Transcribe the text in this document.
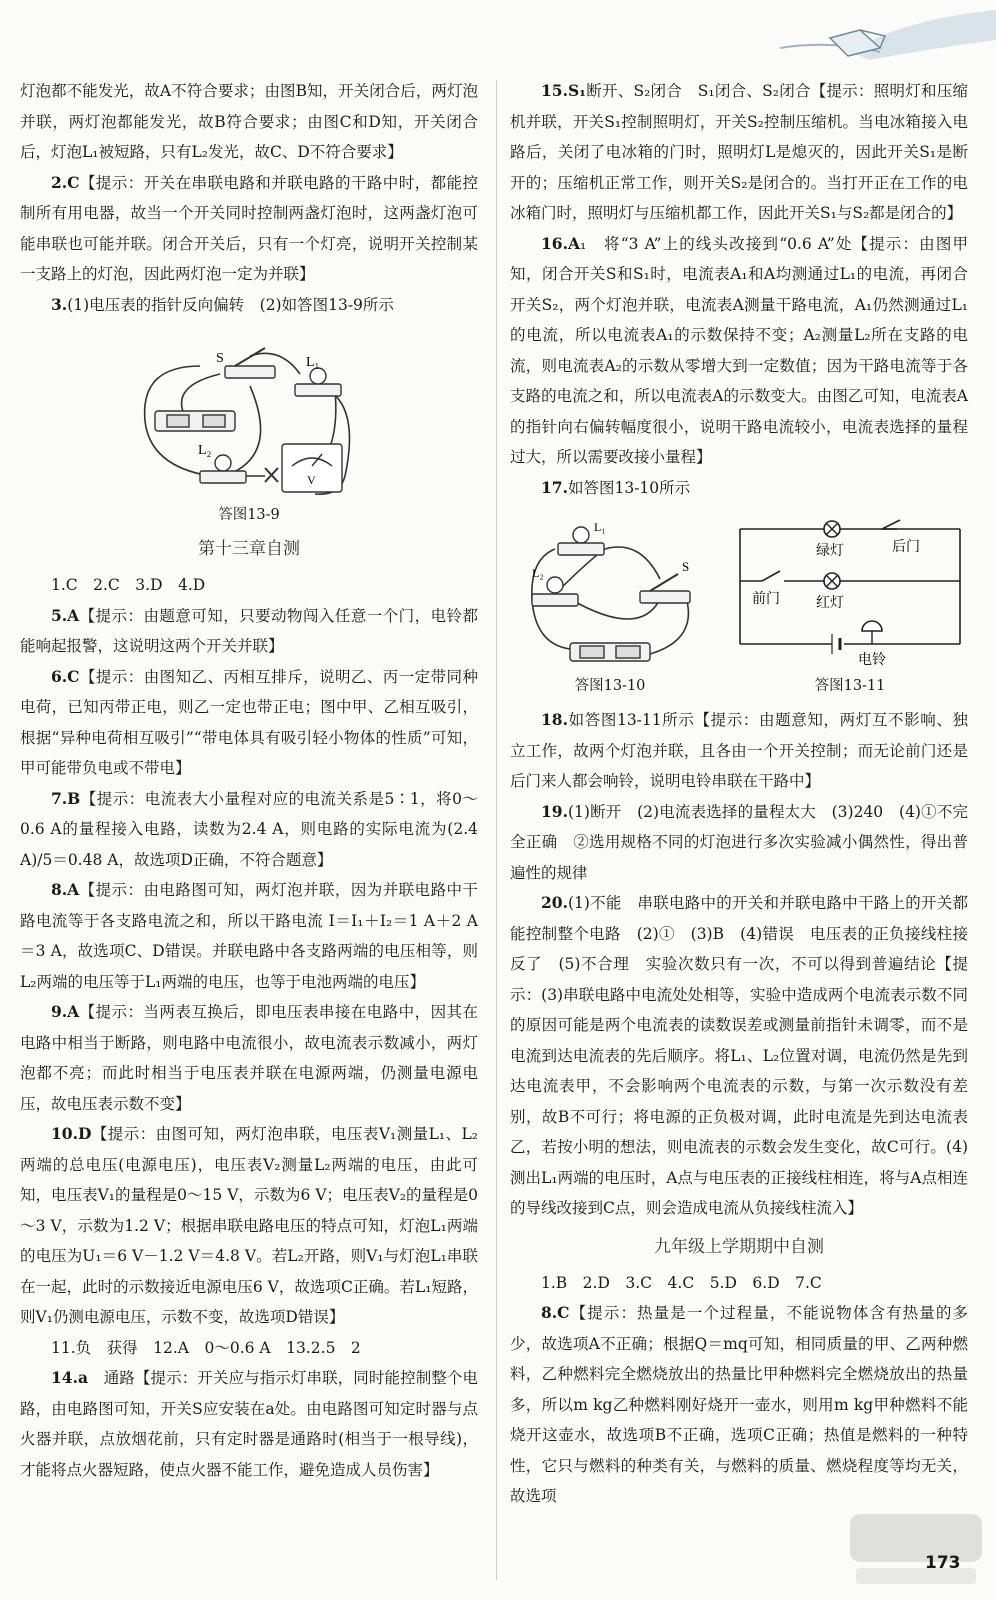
灯泡都不能发光，故A不符合要求；由图B知，开关闭合后，两灯泡并联，两灯泡都能发光，故B符合要求；由图C和D知，开关闭合后，灯泡L₁被短路，只有L₂发光，故C、D不符合要求】

2.C【提示：开关在串联电路和并联电路的干路中时，都能控制所有用电器，故当一个开关同时控制两盏灯泡时，这两盏灯泡可能串联也可能并联。闭合开关后，只有一个灯亮，说明开关控制某一支路上的灯泡，因此两灯泡一定为并联】

3.(1)电压表的指针反向偏转　(2)如答图13-9所示

S	L₁
L₂
V
答图13-9
第十三章自测

1.C　2.C　3.D　4.D

5.A【提示：由题意可知，只要动物闯入任意一个门，电铃都能响起报警，这说明这两个开关并联】

6.C【提示：由图知乙、丙相互排斥，说明乙、丙一定带同种电荷，已知丙带正电，则乙一定也带正电；图中甲、乙相互吸引，根据“异种电荷相互吸引”“带电体具有吸引轻小物体的性质”可知，甲可能带负电或不带电】

7.B【提示：电流表大小量程对应的电流关系是5∶1，将0～0.6 A的量程接入电路，读数为2.4 A，则电路的实际电流为(2.4 A)/5＝0.48 A，故选项D正确，不符合题意】

8.A【提示：由电路图可知，两灯泡并联，因为并联电路中干路电流等于各支路电流之和，所以干路电流 I＝I₁＋I₂＝1 A＋2 A＝3 A，故选项C、D错误。并联电路中各支路两端的电压相等，则L₂两端的电压等于L₁两端的电压，也等于电池两端的电压】

9.A【提示：当两表互换后，即电压表串接在电路中，因其在电路中相当于断路，则电路中电流很小，故电流表示数减小，两灯泡都不亮；而此时相当于电压表并联在电源两端，仍测量电源电压，故电压表示数不变】

10.D【提示：由图可知，两灯泡串联，电压表V₁测量L₁、L₂两端的总电压(电源电压)，电压表V₂测量L₂两端的电压，由此可知，电压表V₁的量程是0～15 V，示数为6 V；电压表V₂的量程是0～3 V，示数为1.2 V；根据串联电路电压的特点可知，灯泡L₁两端的电压为U₁＝6 V－1.2 V＝4.8 V。若L₂开路，则V₁与灯泡L₁串联在一起，此时的示数接近电源电压6 V，故选项C正确。若L₁短路，则V₁仍测电源电压，示数不变，故选项D错误】

11.负　获得　12.A　0～0.6 A　13.2.5　2

14.a　通路【提示：开关应与指示灯串联，同时能控制整个电路，由电路图可知，开关S应安装在a处。由电路图可知定时器与点火器并联，点放烟花前，只有定时器是通路时(相当于一根导线)，才能将点火器短路，使点火器不能工作，避免造成人员伤害】

15.S₁断开、S₂闭合　S₁闭合、S₂闭合【提示：照明灯和压缩机并联，开关S₁控制照明灯，开关S₂控制压缩机。当电冰箱接入电路后，关闭了电冰箱的门时，照明灯L是熄灭的，因此开关S₁是断开的；压缩机正常工作，则开关S₂是闭合的。当打开正在工作的电冰箱门时，照明灯与压缩机都工作，因此开关S₁与S₂都是闭合的】

16.A₁　将“3 A”上的线头改接到“0.6 A”处【提示：由图甲知，闭合开关S和S₁时，电流表A₁和A均测通过L₁的电流，再闭合开关S₂，两个灯泡并联，电流表A测量干路电流，A₁仍然测通过L₁的电流，所以电流表A₁的示数保持不变；A₂测量L₂所在支路的电流，则电流表A₂的示数从零增大到一定数值；因为干路电流等于各支路的电流之和，所以电流表A的示数变大。由图乙可知，电流表A的指针向右偏转幅度很小，说明干路电流较小，电流表选择的量程过大，所以需要改接小量程】

17.如答图13-10所示

L₁
L₂	S
答图13-10
绿灯
红灯
后门
前门
电铃
答图13-11

18.如答图13-11所示【提示：由题意知，两灯互不影响、独立工作，故两个灯泡并联，且各由一个开关控制；而无论前门还是后门来人都会响铃，说明电铃串联在干路中】

19.(1)断开　(2)电流表选择的量程太大　(3)240　(4)①不完全正确　②选用规格不同的灯泡进行多次实验减小偶然性，得出普遍性的规律

20.(1)不能　串联电路中的开关和并联电路中干路上的开关都能控制整个电路　(2)①　(3)B　(4)错误　电压表的正负接线柱接反了　(5)不合理　实验次数只有一次，不可以得到普遍结论【提示：(3)串联电路中电流处处相等，实验中造成两个电流表示数不同的原因可能是两个电流表的读数误差或测量前指针未调零，而不是电流到达电流表的先后顺序。将L₁、L₂位置对调，电流仍然是先到达电流表甲，不会影响两个电流表的示数，与第一次示数没有差别，故B不可行；将电源的正负极对调，此时电流是先到达电流表乙，若按小明的想法，则电流表的示数会发生变化，故C可行。(4)测出L₁两端的电压时，A点与电压表的正接线柱相连，将与A点相连的导线改接到C点，则会造成电流从负接线柱流入】

九年级上学期期中自测

1.B　2.D　3.C　4.C　5.D　6.D　7.C

8.C【提示：热量是一个过程量，不能说物体含有热量的多少，故选项A不正确；根据Q＝mq可知，相同质量的甲、乙两种燃料，乙种燃料完全燃烧放出的热量比甲种燃料完全燃烧放出的热量多，所以m kg乙种燃料刚好烧开一壶水，则用m kg甲种燃料不能烧开这壶水，故选项B不正确，选项C正确；热值是燃料的一种特性，它只与燃料的种类有关，与燃料的质量、燃烧程度等均无关，故选项

173
